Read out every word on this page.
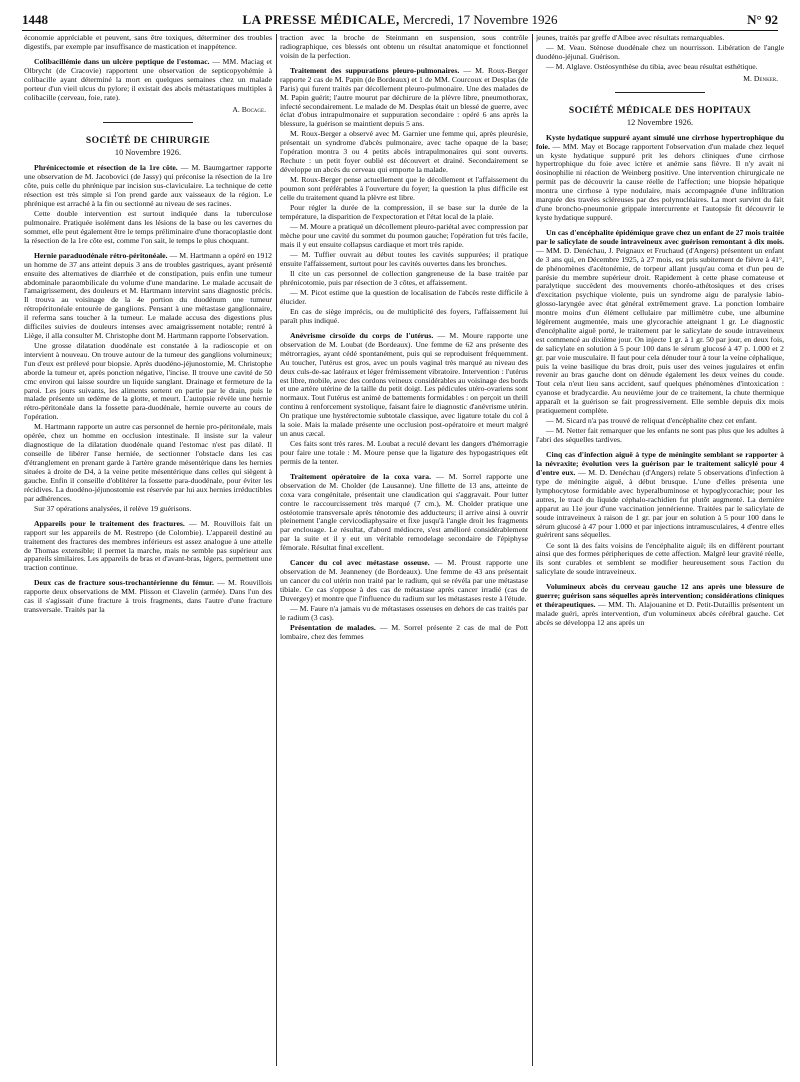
1448	LA PRESSE MÉDICALE, Mercredi, 17 Novembre 1926	N° 92

économie appréciable et peuvent, sans être toxiques, déterminer des troubles digestifs, par exemple par insuffisance de mastication et inappétence.

Colibacillémie dans un ulcère peptique de l'estomac. — MM. Maciag et Olbrycht (de Cracovie) rapportent une observation de septicopyohémie à colibacille ayant déterminé la mort en quelques semaines chez un malade porteur d'un vieil ulcus du pylore; il existait des abcès métastatiques multiples à colibacille (cerveau, foie, rate).

A. Bocage.

SOCIÉTÉ DE CHIRURGIE
10 Novembre 1926.

Phrénicectomie et résection de la 1re côte. — M. Baumgartner rapporte une observation de M. Jacobovici (de Jassy) qui préconise la résection de la 1re côte, puis celle du phrénique par incision sus-claviculaire. La technique de cette résection est très simple si l'on prend garde aux vaisseaux de la région. Le phrénique est arraché à la fin ou sectionné au niveau de ses racines.

Cette double intervention est surtout indiquée dans la tuberculose pulmonaire. Pratiquée isolément dans les lésions de la base ou les cavernes du sommet, elle peut également être le temps préliminaire d'une thoracoplastie dont la résection de la 1re côte est, comme l'on sait, le temps le plus choquant.

Hernie paraduodénale rétro-péritonéale. — M. Hartmann a opéré en 1912 un homme de 37 ans atteint depuis 3 ans de troubles gastriques, ayant présenté ensuite des alternatives de diarrhée et de constipation, puis enfin une tumeur abdominale paraombilicale du volume d'une mandarine. Le malade accusait de l'amaigrissement, des douleurs et M. Hartmann intervint sans diagnostic précis. Il trouva au voisinage de la 4e portion du duodénum une tumeur rétropéritonéale entourée de ganglions. Pensant à une métastase ganglionnaire, il referma sans toucher à la tumeur. Le malade accusa des digestions plus difficiles suivies de douleurs intenses avec amaigrissement notable; rentré à Liège, il alla consulter M. Christophe dont M. Hartmann rapporte l'observation.

Une grosse dilatation duodénale est constatée à la radioscopie et on intervient à nouveau. On trouve autour de la tumeur des ganglions volumineux; l'un d'eux est prélevé pour biopsie. Après duodéno-jéjunostomie, M. Christophe aborde la tumeur et, après ponction négative, l'incise. Il trouve une cavité de 50 cmc environ qui laisse sourdre un liquide sanglant. Drainage et fermeture de la paroi. Les jours suivants, les aliments sortent en partie par le drain, puis le malade présente un œdème de la glotte, et meurt. L'autopsie révèle une hernie rétro-péritonéale dans la fossette para-duodénale, hernie ouverte au cours de l'opération.

M. Hartmann rapporte un autre cas personnel de hernie pro-péritonéale, mais opérée, chez un homme en occlusion intestinale. Il insiste sur la valeur diagnostique de la dilatation duodénale quand l'estomac n'est pas dilaté. Il conseille de libérer l'anse herniée, de sectionner l'obstacle dans les cas d'étranglement en prenant garde à l'artère grande mésentérique dans les hernies situées à droite de D4, à la veine petite mésentérique dans celles qui siègent à gauche. Enfin il conseille d'oblitérer la fossette para-duodénale, pour éviter les récidives. La duodéno-jéjunostomie est réservée par lui aux hernies irréductibles par adhérences.

Sur 37 opérations analysées, il relève 19 guérisons.

Appareils pour le traitement des fractures. — M. Rouvillois fait un rapport sur les appareils de M. Restrepo (de Colombie). L'appareil destiné au traitement des fractures des membres inférieurs est assez analogue à une attelle de Thomas extensible; il permet la marche, mais ne semble pas supérieur aux appareils similaires. Les appareils de bras et d'avant-bras, légers, permettent une traction continue.

Deux cas de fracture sous-trochantérienne du fémur. — M. Rouvillois rapporte deux observations de MM. Plisson et Clavelin (armée). Dans l'un des cas il s'agissait d'une fracture à trois fragments, dans l'autre d'une fracture transversale. Traités par la

traction avec la broche de Steinmann en suspension, sous contrôle radiographique, ces blessés ont obtenu un résultat anatomique et fonctionnel voisin de la perfection.

Traitement des suppurations pleuro-pulmonaires. — M. Roux-Berger rapporte 2 cas de M. Papin (de Bordeaux) et 1 de MM. Courcoux et Desplas (de Paris) qui furent traités par décollement pleuro-pulmonaire. Une des malades de M. Papin guérit; l'autre mourut par déchirure de la plèvre libre, pneumothorax, infecté secondairement. Le malade de M. Desplas était un blessé de guerre, avec éclat d'obus intrapulmonaire et suppuration secondaire : opéré 6 ans après la blessure, la guérison se maintient depuis 5 ans.

M. Roux-Berger a observé avec M. Garnier une femme qui, après pleurésie, présentait un syndrome d'abcès pulmonaire, avec tache opaque de la base; l'opération montra 3 ou 4 petits abcès intrapulmonaires qui sont ouverts. Rechute : un petit foyer oublié est découvert et drainé. Secondairement se développe un abcès du cerveau qui emporte la malade.

M. Roux-Berger pense actuellement que le décollement et l'affaissement du poumon sont préférables à l'ouverture du foyer; la question la plus difficile est celle du traitement quand la plèvre est libre.

Pour régler la durée de la compression, il se base sur la durée de la température, la disparition de l'expectoration et l'état local de la plaie.

— M. Moure a pratiqué un décollement pleuro-pariétal avec compression par mèche pour une cavité du sommet du poumon gauche; l'opération fut très facile, mais il y eut ensuite collapsus cardiaque et mort très rapide.

— M. Tuffier ouvrait au début toutes les cavités suppurées; il pratique ensuite l'affaissement, surtout pour les cavités ouvertes dans les bronches.

Il cite un cas personnel de collection gangreneuse de la base traitée par phrénicotomie, puis par résection de 3 côtes, et affaissement.

— M. Picot estime que la question de localisation de l'abcès reste difficile à élucider.

En cas de siège imprécis, ou de multiplicité des foyers, l'affaissement lui paraît plus indiqué.

Anévrisme cirsoïde du corps de l'utérus. — M. Moure rapporte une observation de M. Loubat (de Bordeaux). Une femme de 62 ans présente des métrorragies, ayant cédé spontanément, puis qui se reproduisent fréquemment. Au toucher, l'utérus est gros, avec un pouls vaginal très marqué au niveau des deux culs-de-sac latéraux et léger frémissement vibratoire. Intervention : l'utérus est libre, mobile, avec des cordons veineux considérables au voisinage des bords et une artère utérine de la taille du petit doigt. Les pédicules utéro-ovariens sont normaux. Tout l'utérus est animé de battements formidables : on perçoit un thrill continu à renforcement systolique, faisant faire le diagnostic d'anévrisme utérin. On pratique une hystérectomie subtotale classique, avec ligature totale du col à la soie. Mais la malade présente une occlusion post-opératoire et meurt malgré un anus cæcal.

Ces faits sont très rares. M. Loubat a reculé devant les dangers d'hémorragie pour faire une totale : M. Moure pense que la ligature des hypogastriques eût permis de la tenter.

Traitement opératoire de la coxa vara. — M. Sorrel rapporte une observation de M. Cholder (de Lausanne). Une fillette de 13 ans, atteinte de coxa vara congénitale, présentait une claudication qui s'aggravait. Pour lutter contre le raccourcissement très marqué (7 cm.), M. Cholder pratique une ostéotomie transversale après ténotomie des adducteurs; il arrive ainsi à ouvrir pleinement l'angle cervicodiaphysaire et fixe jusqu'à l'angle droit les fragments par enclouage. Le résultat, d'abord médiocre, s'est amélioré considérablement par la suite et il y eut un véritable remodelage secondaire de l'épiphyse fémorale. Résultat final excellent.

Cancer du col avec métastase osseuse. — M. Proust rapporte une observation de M. Jeanneney (de Bordeaux). Une femme de 43 ans présentait un cancer du col utérin non traité par le radium, qui se révéla par une métastase tibiale. Ce cas s'oppose à des cas de métastase après cancer irradié (cas de Duvergey) et montre que l'influence du radium sur les métastases reste à l'étude.

— M. Faure n'a jamais vu de métastases osseuses en dehors de cas traités par le radium (3 cas).

Présentation de malades. — M. Sorrel présente 2 cas de mal de Pott lombaire, chez des femmes

jeunes, traités par greffe d'Albee avec résultats remarquables.

— M. Veau. Sténose duodénale chez un nourrisson. Libération de l'angle duodéno-jéjunal. Guérison.

— M. Alglave. Ostéosynthèse du tibia, avec beau résultat esthétique.

M. Denker.

SOCIÉTÉ MÉDICALE DES HOPITAUX
12 Novembre 1926.

Kyste hydatique suppuré ayant simulé une cirrhose hypertrophique du foie. — MM. May et Bocage rapportent l'observation d'un malade chez lequel un kyste hydatique suppuré prit les dehors cliniques d'une cirrhose hypertrophique du foie avec ictère et anémie sans fièvre. Il n'y avait ni éosinophilie ni réaction de Weinberg positive. Une intervention chirurgicale ne permit pas de découvrir la cause réelle de l'affection; une biopsie hépatique montra une cirrhose à type nodulaire, mais accompagnée d'une infiltration marquée des travées scléreuses par des polynucléaires. La mort survint du fait d'une broncho-pneumonie grippale intercurrente et l'autopsie fit découvrir le kyste hydatique suppuré.

Un cas d'encéphalite épidémique grave chez un enfant de 27 mois traitée par le salicylate de soude intraveineux avec guérison remontant à dix mois. — MM. D. Denéchau, J. Peignaux et Fruchaud (d'Angers) présentent un enfant de 3 ans qui, en Décembre 1925, à 27 mois, est pris subitement de fièvre à 41°, de phénomènes d'acétonémie, de torpeur allant jusqu'au coma et d'un peu de parésie du membre supérieur droit. Rapidement à cette phase comateuse et paralytique succèdent des mouvements choréo-athétosiques et des crises d'excitation psychique violente, puis un syndrome aigu de paralysie labio-glosso-laryngée avec état général extrêmement grave. La ponction lombaire montre moins d'un élément cellulaire par millimètre cube, une albumine légèrement augmentée, mais une glycorachie atteignant 1 gr. Le diagnostic d'encéphalite aiguë porté, le traitement par le salicylate de soude intraveineux est commencé au dixième jour. On injecte 1 gr. à 1 gr. 50 par jour, en deux fois, de salicylate en solution à 5 pour 100 dans le sérum glucosé à 47 p. 1.000 et 2 gr. par voie musculaire. Il faut pour cela dénuder tour à tour la veine céphalique, puis la veine basilique du bras droit, puis user des veines jugulaires et enfin revenir au bras gauche dont on dénude également les deux veines du coude. Tout cela n'eut lieu sans accident, sauf quelques phénomènes d'intoxication : cyanose et bradycardie. Au neuvième jour de ce traitement, la chute thermique apparaît et la guérison se fait progressivement. Elle semble depuis dix mois pratiquement complète.

— M. Sicard n'a pas trouvé de reliquat d'encéphalite chez cet enfant.

— M. Netter fait remarquer que les enfants ne sont pas plus que les adultes à l'abri des séquelles tardives.

Cinq cas d'infection aiguë à type de méningite semblant se rapporter à la névraxite; évolution vers la guérison par le traitement salicylé pour 4 d'entre eux. — M. D. Denéchau (d'Angers) relate 5 observations d'infection à type de méningite aiguë, à début brusque. L'une d'elles présenta une lymphocytose formidable avec hyperalbuminose et hypoglycorachie; pour les autres, le tracé du liquide céphalo-rachidien fut plutôt augmenté. La dernière apparut au 11e jour d'une vaccination jennérienne. Traitées par le salicylate de soude intraveineux à raison de 1 gr. par jour en solution à 5 pour 100 dans le sérum glucosé à 47 pour 1.000 et par injections intramusculaires, 4 d'entre elles guérirent sans séquelles.

Ce sont là des faits voisins de l'encéphalite aiguë; ils en diffèrent pourtant ainsi que des formes péripheriques de cette affection. Malgré leur gravité réelle, ils sont curables et semblent se modifier heureusement sous l'action du salicylate de soude intraveineux.

Volumineux abcès du cerveau gauche 12 ans après une blessure de guerre; guérison sans séquelles après intervention; considérations cliniques et thérapeutiques. — MM. Th. Alajouanine et D. Petit-Dutaillis présentent un malade guéri, après intervention, d'un volumineux abcès cérébral gauche. Cet abcès se développa 12 ans après un
